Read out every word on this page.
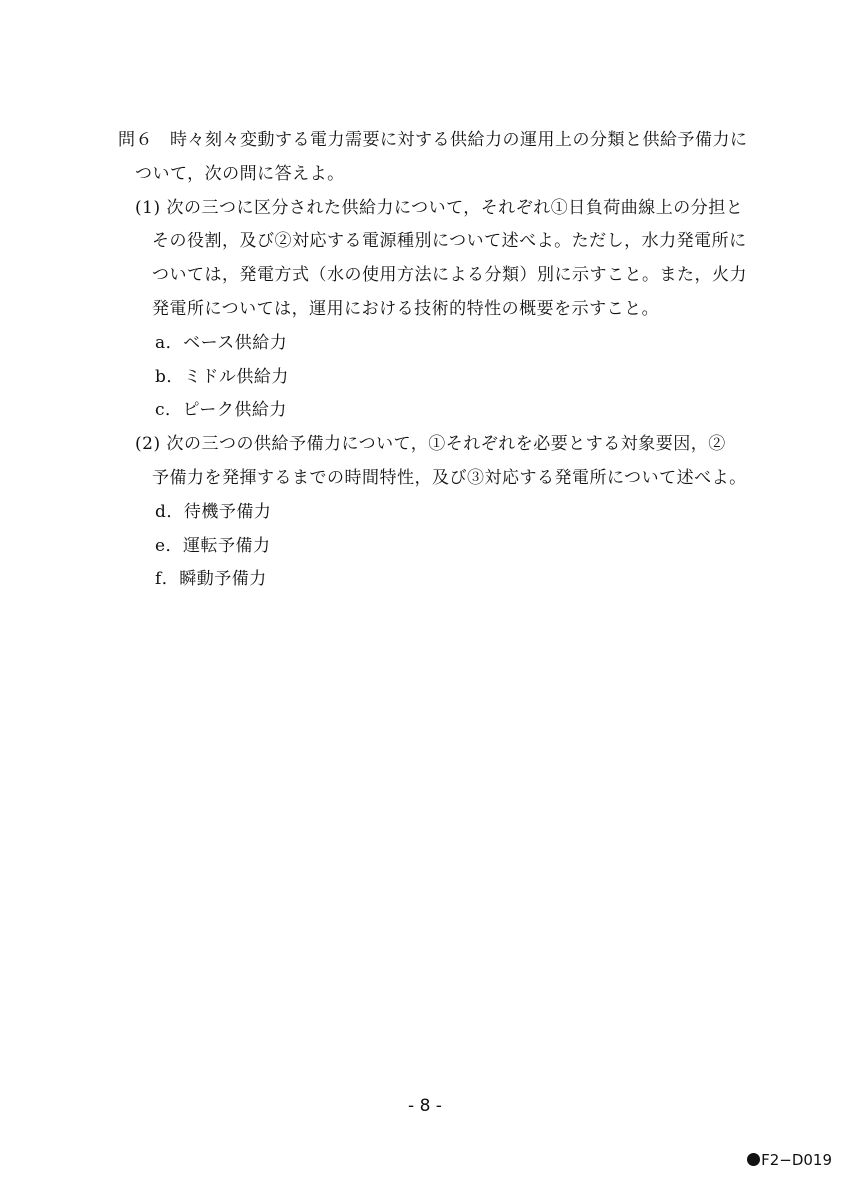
問６ 時々刻々変動する電力需要に対する供給力の運用上の分類と供給予備力に
ついて，次の問に答えよ。
(1) 次の三つに区分された供給力について，それぞれ①日負荷曲線上の分担と
その役割，及び②対応する電源種別について述べよ。ただし，水力発電所に
ついては，発電方式（水の使用方法による分類）別に示すこと。また，火力
発電所については，運用における技術的特性の概要を示すこと。
a．ベース供給力
b．ミドル供給力
c．ピーク供給力
(2) 次の三つの供給予備力について，①それぞれを必要とする対象要因，②
予備力を発揮するまでの時間特性，及び③対応する発電所について述べよ。
d．待機予備力
e．運転予備力
f．瞬動予備力
- 8 -
F2−D019
